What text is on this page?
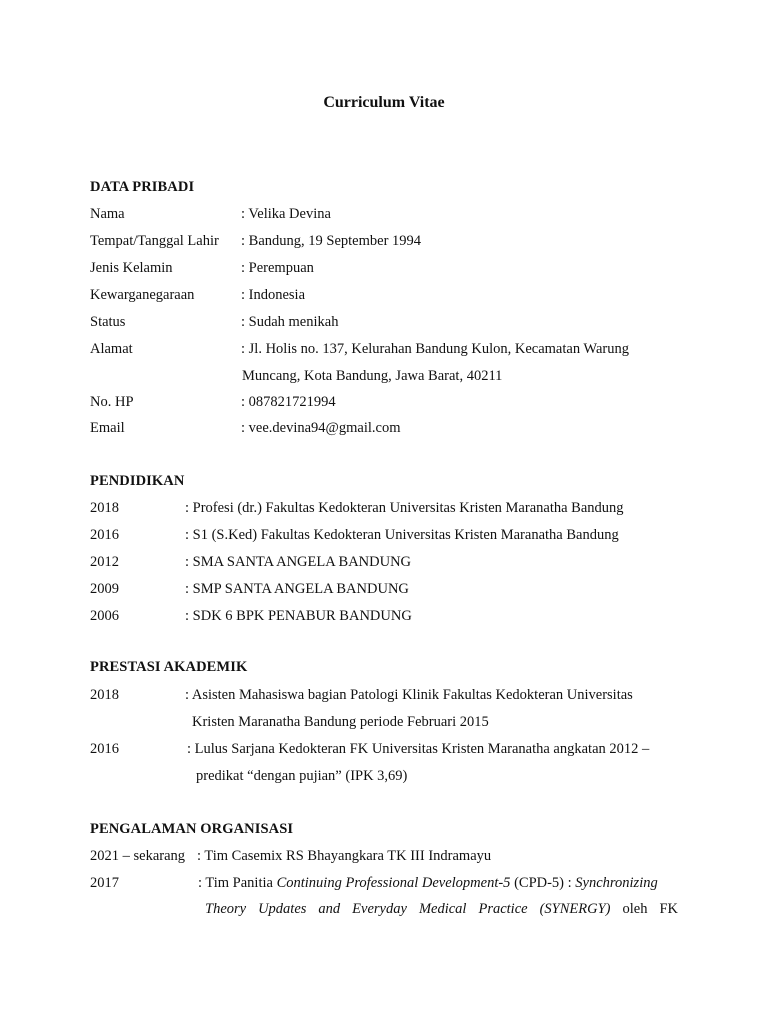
Curriculum Vitae
DATA PRIBADI
Nama	: Velika Devina
Tempat/Tanggal Lahir : Bandung, 19 September 1994
Jenis Kelamin	: Perempuan
Kewarganegaraan	: Indonesia
Status	: Sudah menikah
Alamat	: Jl. Holis no. 137, Kelurahan Bandung Kulon, Kecamatan Warung
Muncang, Kota Bandung, Jawa Barat, 40211
No. HP	: 087821721994
Email	: vee.devina94@gmail.com
PENDIDIKAN
2018	: Profesi (dr.) Fakultas Kedokteran Universitas Kristen Maranatha Bandung
2016	: S1 (S.Ked) Fakultas Kedokteran Universitas Kristen Maranatha Bandung
2012	: SMA SANTA ANGELA BANDUNG
2009	: SMP SANTA ANGELA BANDUNG
2006	: SDK 6 BPK PENABUR BANDUNG
PRESTASI AKADEMIK
2018	: Asisten Mahasiswa bagian Patologi Klinik Fakultas Kedokteran Universitas
Kristen Maranatha Bandung periode Februari 2015
2016	: Lulus Sarjana Kedokteran FK Universitas Kristen Maranatha angkatan 2012 –
predikat “dengan pujian” (IPK 3,69)
PENGALAMAN ORGANISASI
2021 – sekarang : Tim Casemix RS Bhayangkara TK III Indramayu
2017	: Tim Panitia Continuing Professional Development-5 (CPD-5) : Synchronizing
Theory Updates and Everyday Medical Practice (SYNERGY) oleh FK
